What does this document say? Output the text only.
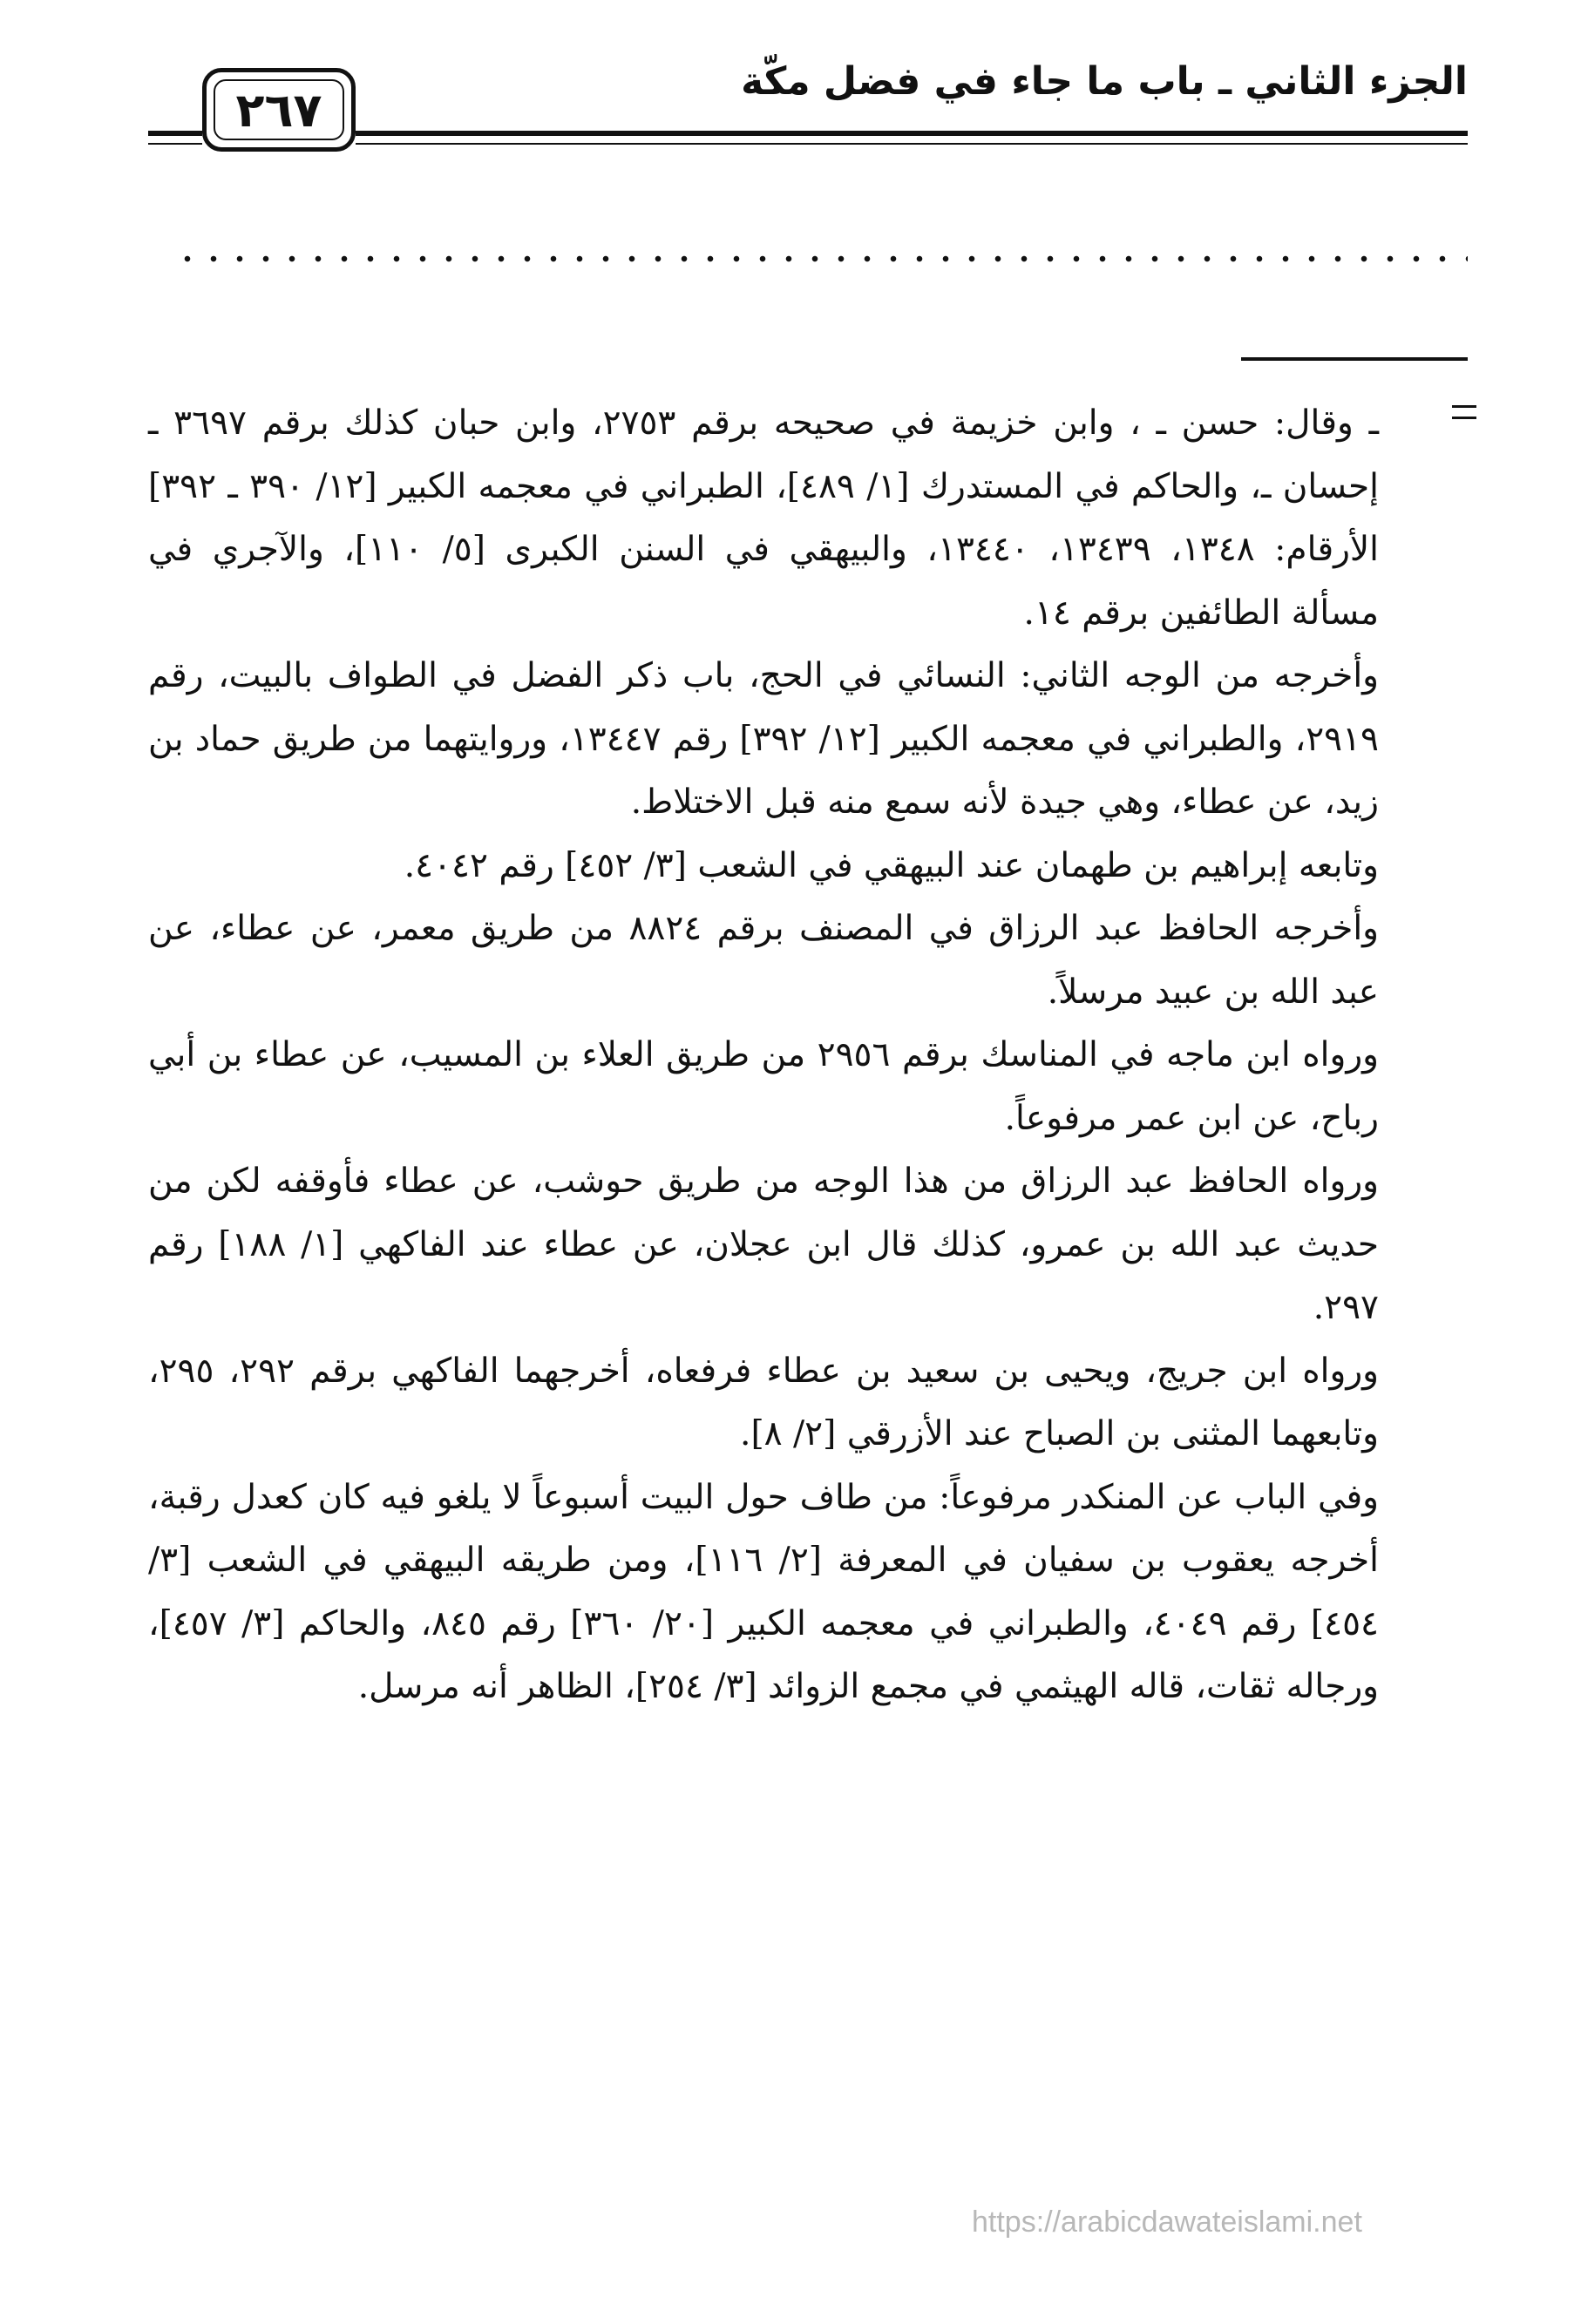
الجزء الثاني ـ باب ما جاء في فضل مكّة
٢٦٧

ـ وقال: حسن ـ ، وابن خزيمة في صحيحه برقم ٢٧٥٣، وابن حبان كذلك برقم ٣٦٩٧ ـ إحسان ـ، والحاكم في المستدرك [١/ ٤٨٩]، الطبراني في معجمه الكبير [١٢/ ٣٩٠ ـ ٣٩٢] الأرقام: ١٣٤٨، ١٣٤٣٩، ١٣٤٤٠، والبيهقي في السنن الكبرى [٥/ ١١٠]، والآجري في مسألة الطائفين برقم ١٤.

وأخرجه من الوجه الثاني: النسائي في الحج، باب ذكر الفضل في الطواف بالبيت، رقم ٢٩١٩، والطبراني في معجمه الكبير [١٢/ ٣٩٢] رقم ١٣٤٤٧، وروايتهما من طريق حماد بن زيد، عن عطاء، وهي جيدة لأنه سمع منه قبل الاختلاط.

وتابعه إبراهيم بن طهمان عند البيهقي في الشعب [٣/ ٤٥٢] رقم ٤٠٤٢.

وأخرجه الحافظ عبد الرزاق في المصنف برقم ٨٨٢٤ من طريق معمر، عن عطاء، عن عبد الله بن عبيد مرسلاً.

ورواه ابن ماجه في المناسك برقم ٢٩٥٦ من طريق العلاء بن المسيب، عن عطاء بن أبي رباح، عن ابن عمر مرفوعاً.

ورواه الحافظ عبد الرزاق من هذا الوجه من طريق حوشب، عن عطاء فأوقفه لكن من حديث عبد الله بن عمرو، كذلك قال ابن عجلان، عن عطاء عند الفاكهي [١/ ١٨٨] رقم ٢٩٧.

ورواه ابن جريج، ويحيى بن سعيد بن عطاء فرفعاه، أخرجهما الفاكهي برقم ٢٩٢، ٢٩٥، وتابعهما المثنى بن الصباح عند الأزرقي [٢/ ٨].

وفي الباب عن المنكدر مرفوعاً: من طاف حول البيت أسبوعاً لا يلغو فيه كان كعدل رقبة، أخرجه يعقوب بن سفيان في المعرفة [٢/ ١١٦]، ومن طريقه البيهقي في الشعب [٣/ ٤٥٤] رقم ٤٠٤٩، والطبراني في معجمه الكبير [٢٠/ ٣٦٠] رقم ٨٤٥، والحاكم [٣/ ٤٥٧]، ورجاله ثقات، قاله الهيثمي في مجمع الزوائد [٣/ ٢٥٤]، الظاهر أنه مرسل.

https://arabicdawateislami.net
